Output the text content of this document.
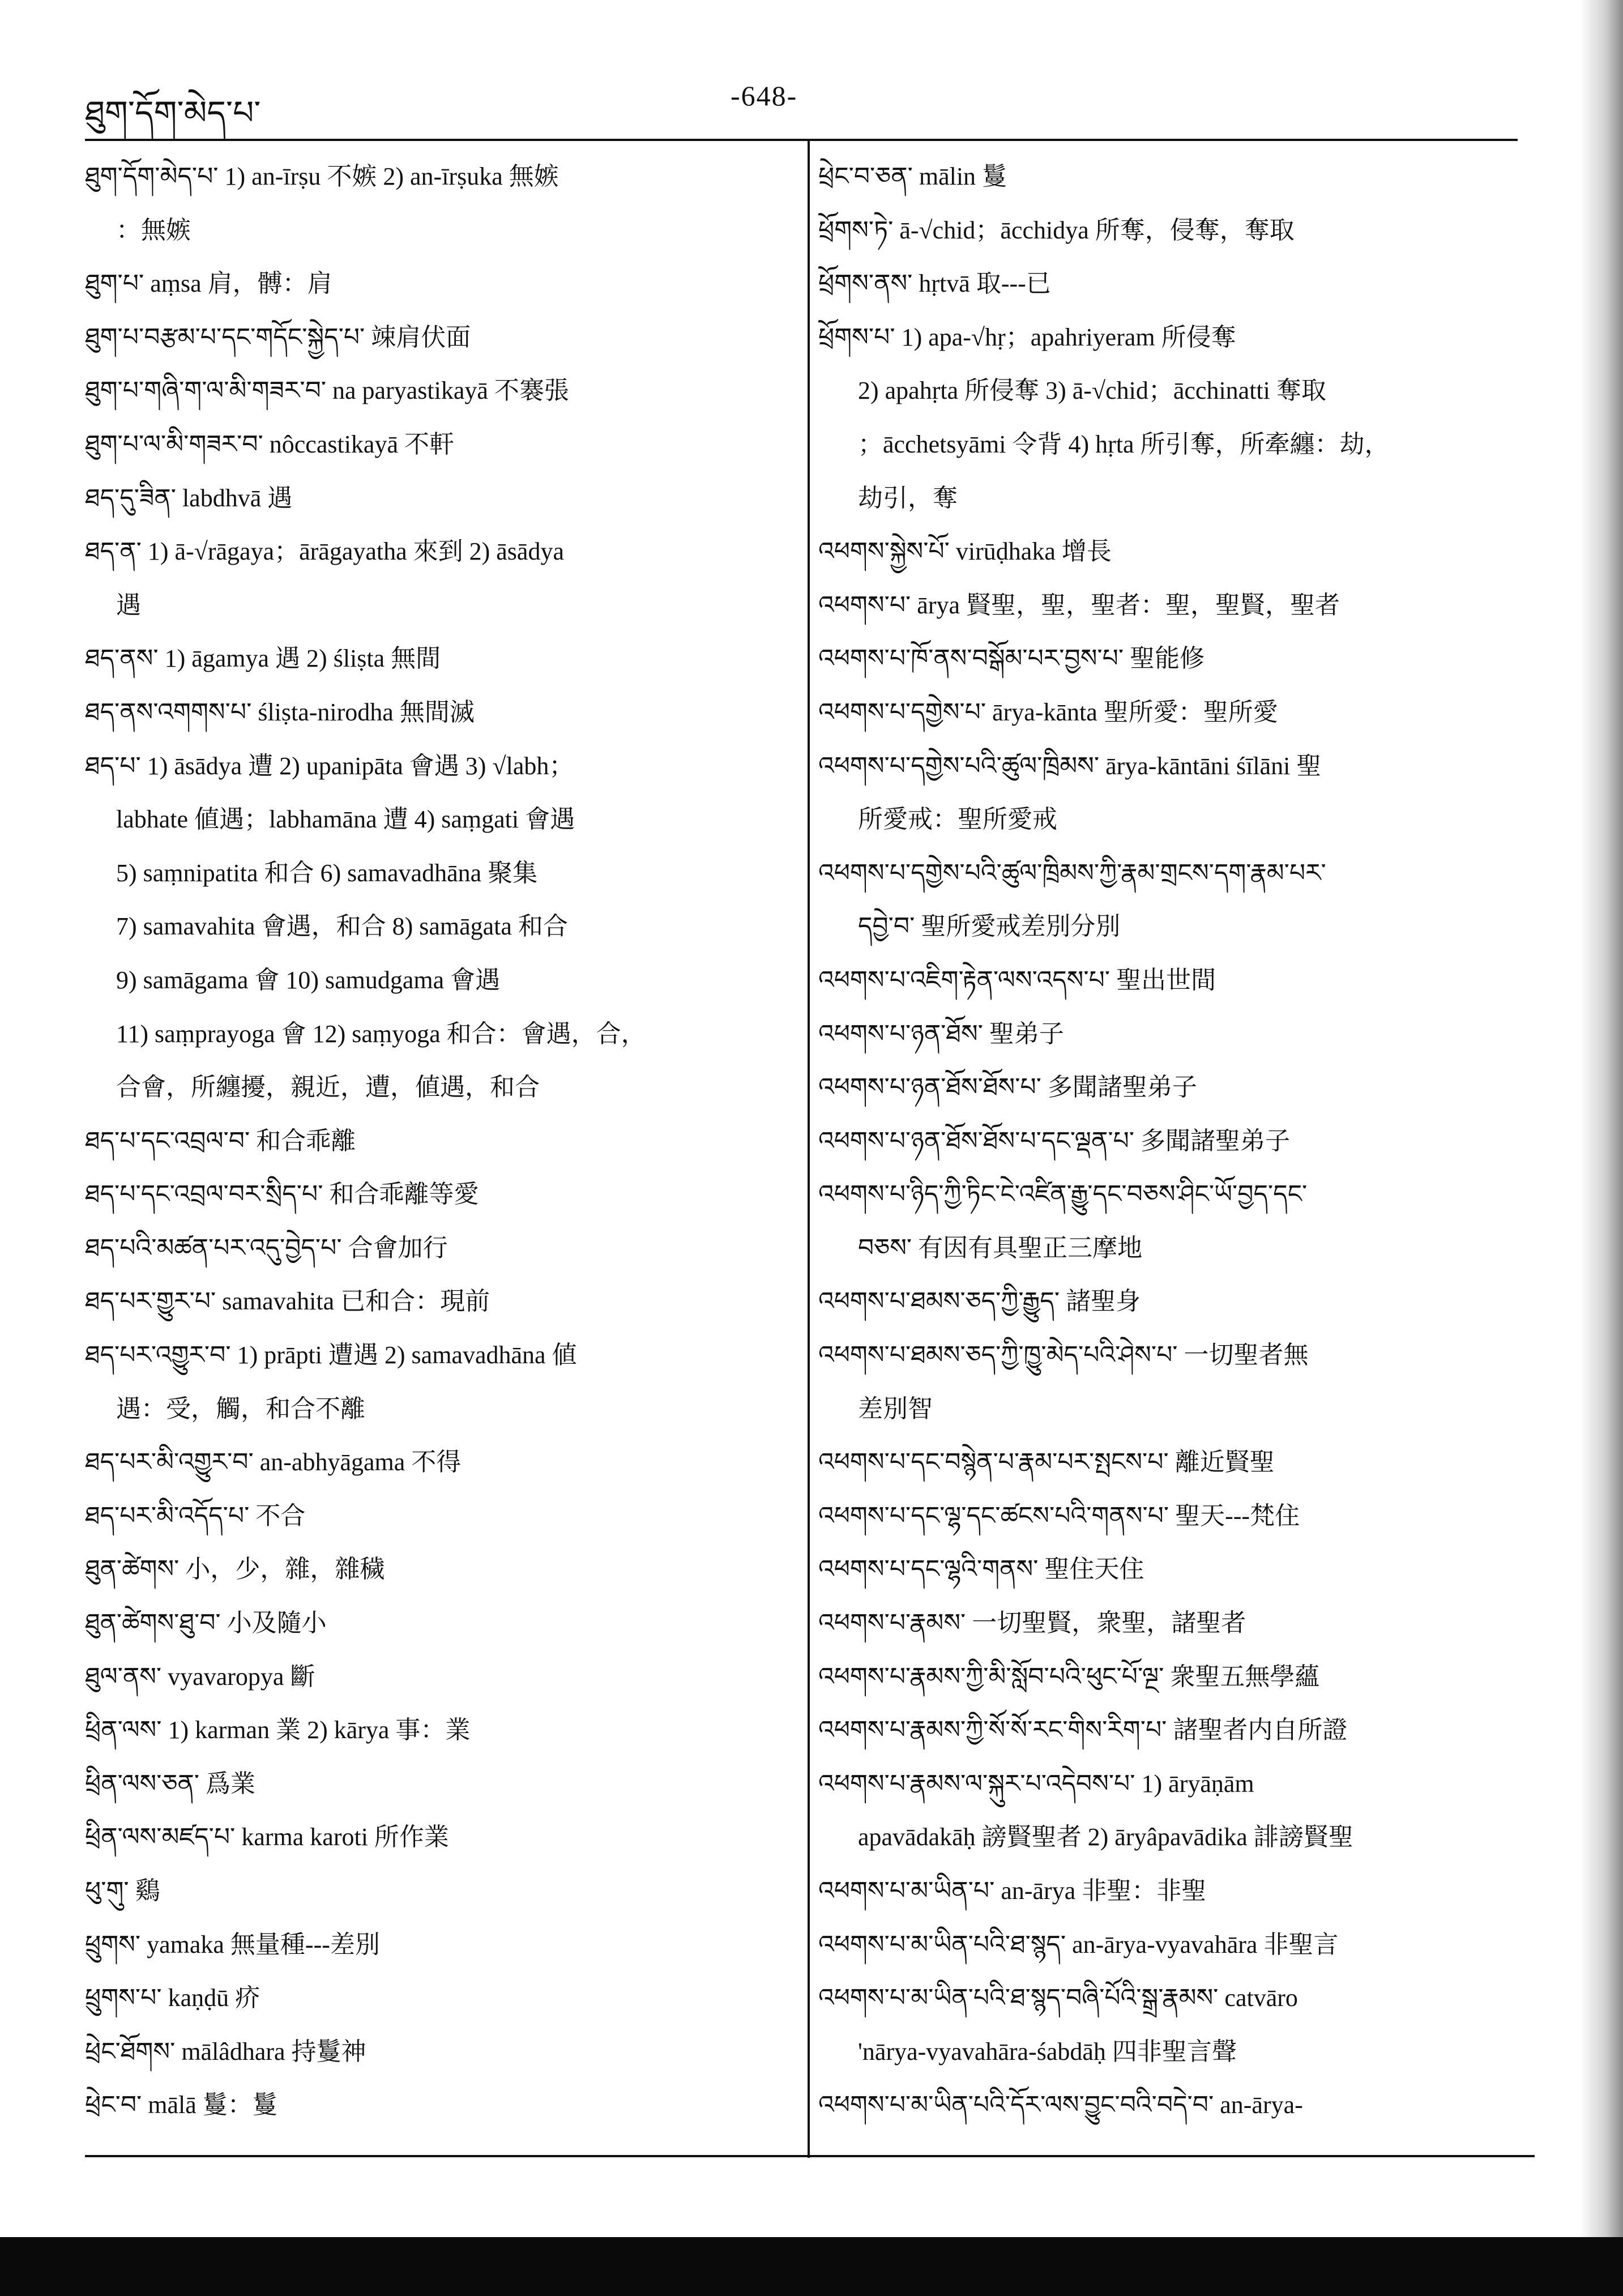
ཐུག་དོག་མེད་པ་	-648-
ཐུག་དོག་མེད་པ་ 1) an-īrṣu 不嫉 2) an-īrṣuka 無嫉
：無嫉
ཐུག་པ་ aṃsa 肩，髆：肩
ཐུག་པ་བརྩམ་པ་དང་གདོང་སྐྱེད་པ་ 竦肩伏面
ཐུག་པ་གཞི་ག་ལ་མི་གཟར་བ་ na paryastikayā 不褰張
ཐུག་པ་ལ་མི་གཟར་བ་ nôccastikayā 不軒
ཐད་དུ་ཟིན་ labdhvā 遇
ཐད་ན་ 1) ā-√rāgaya；ārāgayatha 來到 2) āsādya
遇
ཐད་ནས་ 1) āgamya 遇 2) śliṣta 無間
ཐད་ནས་འགགས་པ་ śliṣta-nirodha 無間滅
ཐད་པ་ 1) āsādya 遭 2) upanipāta 會遇 3) √labh；
labhate 値遇；labhamāna 遭 4) saṃgati 會遇
5) saṃnipatita 和合 6) samavadhāna 聚集
7) samavahita 會遇，和合 8) samāgata 和合
9) samāgama 會 10) samudgama 會遇
11) saṃprayoga 會 12) saṃyoga 和合：會遇，合，
合會，所纏擾，親近，遭，値遇，和合
ཐད་པ་དང་འབྲལ་བ་ 和合乖離
ཐད་པ་དང་འབྲལ་བར་སྲིད་པ་ 和合乖離等愛
ཐད་པའི་མཚན་པར་འདུ་བྱེད་པ་ 合會加行
ཐད་པར་གྱུར་པ་ samavahita 已和合：現前
ཐད་པར་འགྱུར་བ་ 1) prāpti 遭遇 2) samavadhāna 値
遇：受，觸，和合不離
ཐད་པར་མི་འགྱུར་བ་ an-abhyāgama 不得
ཐད་པར་མི་འདོད་པ་ 不合
ཐུན་ཚེགས་ 小，少，雜，雜穢
ཐུན་ཚེགས་ཐུ་བ་ 小及隨小
ཐུལ་ནས་ vyavaropya 斷
ཕྲིན་ལས་ 1) karman 業 2) kārya 事：業
ཕྲིན་ལས་ཅན་ 爲業
ཕྲིན་ལས་མཛད་པ་ karma karoti 所作業
ཕུ་གུ་ 鷄
ཕྲུགས་ yamaka 無量種---差別
ཕྲུགས་པ་ kaṇḍū 疥
ཕྲེང་ཐོགས་ mālâdhara 持鬘神
ཕྲེང་བ་ mālā 鬘：鬘
ཕྲེང་བ་ཅན་ mālin 鬘
ཕྲོགས་ཏེ་ ā-√chid；ācchidya 所奪，侵奪，奪取
ཕྲོགས་ནས་ hṛtvā 取---已
ཕྲོགས་པ་ 1) apa-√hṛ；apahriyeram 所侵奪
2) apahṛta 所侵奪 3) ā-√chid；ācchinatti 奪取
；ācchetsyāmi 令背 4) hṛta 所引奪，所牽纏：劫，
劫引，奪
འཕགས་སྐྱེས་པོ་ virūḍhaka 增長
འཕགས་པ་ ārya 賢聖，聖，聖者：聖，聖賢，聖者
འཕགས་པ་ཁོ་ནས་བསྒོམ་པར་བྱས་པ་ 聖能修
འཕགས་པ་དགྱེས་པ་ ārya-kānta 聖所愛：聖所愛
འཕགས་པ་དགྱེས་པའི་ཚུལ་ཁྲིམས་ ārya-kāntāni śīlāni 聖
所愛戒：聖所愛戒
འཕགས་པ་དགྱེས་པའི་ཚུལ་ཁྲིམས་ཀྱི་རྣམ་གྲངས་དག་རྣམ་པར་
དབྱེ་བ་ 聖所愛戒差別分別
འཕགས་པ་འཇིག་རྟེན་ལས་འདས་པ་ 聖出世間
འཕགས་པ་ཉན་ཐོས་ 聖弟子
འཕགས་པ་ཉན་ཐོས་ཐོས་པ་ 多聞諸聖弟子
འཕགས་པ་ཉན་ཐོས་ཐོས་པ་དང་ལྡན་པ་ 多聞諸聖弟子
འཕགས་པ་ཉིད་ཀྱི་ཏིང་ངེ་འཛིན་རྒྱུ་དང་བཅས་ཤིང་ཡོ་བྱད་དང་
བཅས་ 有因有具聖正三摩地
འཕགས་པ་ཐམས་ཅད་ཀྱི་རྒྱུད་ 諸聖身
འཕགས་པ་ཐམས་ཅད་ཀྱི་ཁྱུ་མེད་པའི་ཤེས་པ་ 一切聖者無
差別智
འཕགས་པ་དང་བསྙེན་པ་རྣམ་པར་སྤངས་པ་ 離近賢聖
འཕགས་པ་དང་ལྷ་དང་ཚངས་པའི་གནས་པ་ 聖天---梵住
འཕགས་པ་དང་ལྷའི་གནས་ 聖住天住
འཕགས་པ་རྣམས་ 一切聖賢，衆聖，諸聖者
འཕགས་པ་རྣམས་ཀྱི་མི་སློབ་པའི་ཕུང་པོ་ལྔ་ 衆聖五無學蘊
འཕགས་པ་རྣམས་ཀྱི་སོ་སོ་རང་གིས་རིག་པ་ 諸聖者内自所證
འཕགས་པ་རྣམས་ལ་སྐུར་པ་འདེབས་པ་ 1) āryāṇām
apavādakāḥ 謗賢聖者 2) āryâpavādika 誹謗賢聖
འཕགས་པ་མ་ཡིན་པ་ an-ārya 非聖：非聖
འཕགས་པ་མ་ཡིན་པའི་ཐ་སྙད་ an-ārya-vyavahāra 非聖言
འཕགས་པ་མ་ཡིན་པའི་ཐ་སྙད་བཞི་པོའི་སྒྲ་རྣམས་ catvāro
'nārya-vyavahāra-śabdāḥ 四非聖言聲
འཕགས་པ་མ་ཡིན་པའི་དོར་ལས་བྱུང་བའི་བདེ་བ་ an-ārya-
